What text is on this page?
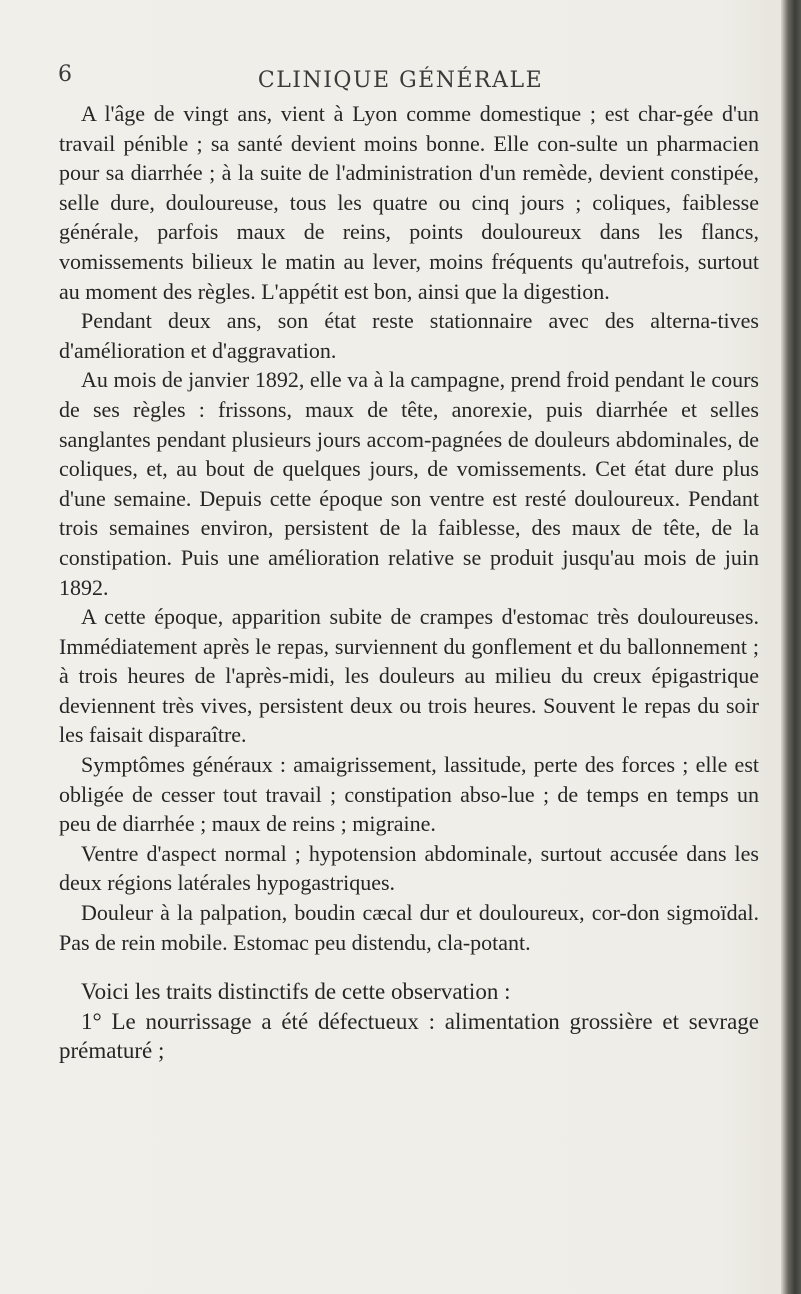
6	CLINIQUE GÉNÉRALE

A l'âge de vingt ans, vient à Lyon comme domestique ; est char-gée d'un travail pénible ; sa santé devient moins bonne. Elle con-sulte un pharmacien pour sa diarrhée ; à la suite de l'administration d'un remède, devient constipée, selle dure, douloureuse, tous les quatre ou cinq jours ; coliques, faiblesse générale, parfois maux de reins, points douloureux dans les flancs, vomissements bilieux le matin au lever, moins fréquents qu'autrefois, surtout au moment des règles. L'appétit est bon, ainsi que la digestion.

Pendant deux ans, son état reste stationnaire avec des alterna-tives d'amélioration et d'aggravation.

Au mois de janvier 1892, elle va à la campagne, prend froid pendant le cours de ses règles : frissons, maux de tête, anorexie, puis diarrhée et selles sanglantes pendant plusieurs jours accom-pagnées de douleurs abdominales, de coliques, et, au bout de quelques jours, de vomissements. Cet état dure plus d'une semaine. Depuis cette époque son ventre est resté douloureux. Pendant trois semaines environ, persistent de la faiblesse, des maux de tête, de la constipation. Puis une amélioration relative se produit jusqu'au mois de juin 1892.

A cette époque, apparition subite de crampes d'estomac très douloureuses. Immédiatement après le repas, surviennent du gonflement et du ballonnement ; à trois heures de l'après-midi, les douleurs au milieu du creux épigastrique deviennent très vives, persistent deux ou trois heures. Souvent le repas du soir les faisait disparaître.

Symptômes généraux : amaigrissement, lassitude, perte des forces ; elle est obligée de cesser tout travail ; constipation abso-lue ; de temps en temps un peu de diarrhée ; maux de reins ; migraine.

Ventre d'aspect normal ; hypotension abdominale, surtout accusée dans les deux régions latérales hypogastriques.

Douleur à la palpation, boudin cæcal dur et douloureux, cor-don sigmoïdal. Pas de rein mobile. Estomac peu distendu, cla-potant.

Voici les traits distinctifs de cette observation :

1° Le nourrissage a été défectueux : alimentation grossière et sevrage prématuré ;
